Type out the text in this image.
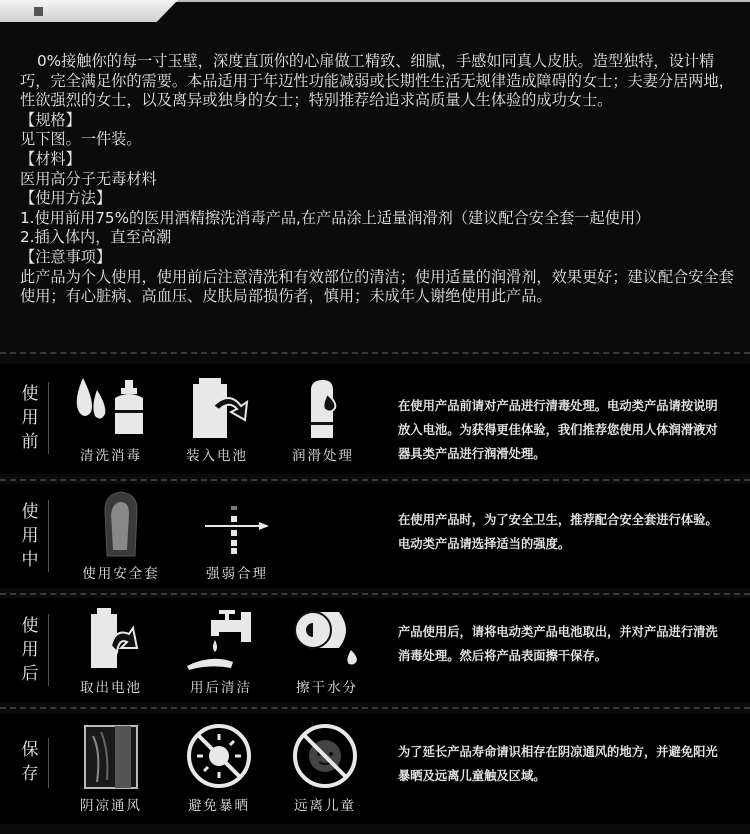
0%接触你的每一寸玉壁，深度直顶你的心扉做工精致、细腻，手感如同真人皮肤。造型独特，设计精巧，完全满足你的需要。本品适用于年迈性功能减弱或长期性生活无规律造成障碍的女士；夫妻分居两地，性欲强烈的女士，以及离异或独身的女士；特别推荐给追求高质量人生体验的成功女士。

【规格】

见下图。一件装。

【材料】

医用高分子无毒材料

【使用方法】

1.使用前用75%的医用酒精擦洗消毒产品,在产品涂上适量润滑剂（建议配合安全套一起使用）

2.插入体内，直至高潮

【注意事项】

此产品为个人使用，使用前后注意清洗和有效部位的清洁；使用适量的润滑剂，效果更好；建议配合安全套使用；有心脏病、高血压、皮肤局部损伤者，慎用；未成年人谢绝使用此产品。

使
用
前
清洗消毒	装入电池	润滑处理
在使用产品前请对产品进行清毒处理。电动类产品请按说明放入电池。为获得更佳体验，我们推荐您使用人体润滑液对器具类产品进行润滑处理。
使
用
中
使用安全套	强弱合理
在使用产品时，为了安全卫生，推荐配合安全套进行体验。电动类产品请选择适当的强度。
使
用
后
取出电池	用后清洁	擦干水分
产品使用后，请将电动类产品电池取出，并对产品进行清洗消毒处理。然后将产品表面擦干保存。
保
存
阴凉通风	避免暴晒	远离儿童
为了延长产品寿命请识相存在阴凉通风的地方，并避免阳光暴晒及远离儿童触及区域。
